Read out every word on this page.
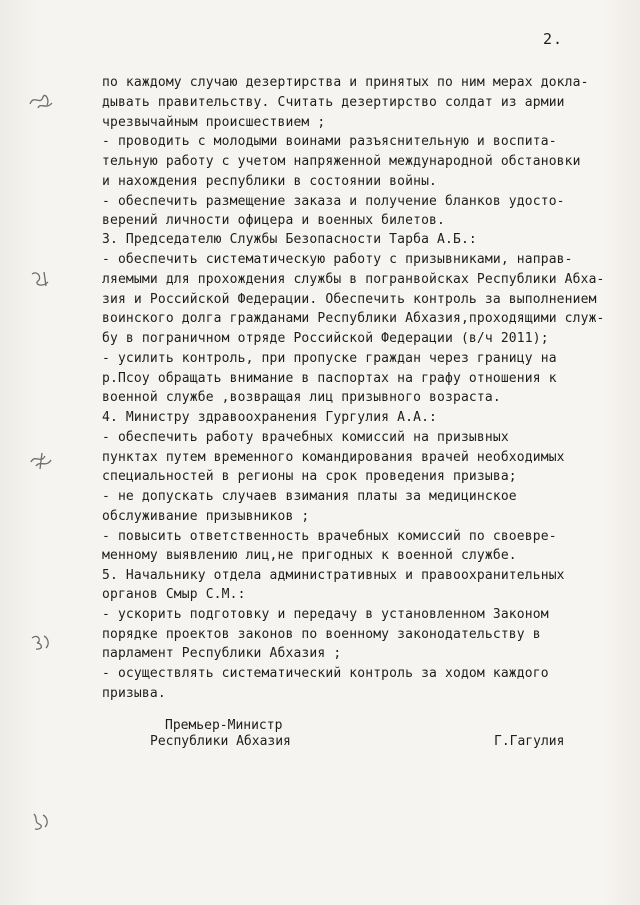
2.
по каждому случаю дезертирства и принятых по ним мерах докла-
дывать правительству. Считать дезертирство солдат из армии
чрезвычайным происшествием ;
- проводить с молодыми воинами разъяснительную и воспита-
тельную работу с учетом напряженной международной обстановки
и нахождения республики в состоянии войны.
- обеспечить размещение заказа и получение бланков удосто-
верений личности офицера и военных билетов.
3. Председателю Службы Безопасности Тарба А.Б.:
- обеспечить систематическую работу с призывниками, направ-
ляемыми для прохождения службы в погранвойсках Республики Абха-
зия и Российской Федерации. Обеспечить контроль за выполнением
воинского долга гражданами Республики Абхазия,проходящими служ-
бу в пограничном отряде Российской Федерации (в/ч 2011);
- усилить контроль, при пропуске граждан через границу на
р.Псоу обращать внимание в паспортах на графу отношения к
военной службе ,возвращая лиц призывного возраста.
4. Министру здравоохранения Гургулия А.А.:
- обеспечить работу врачебных комиссий на призывных
пунктах путем временного командирования врачей необходимых
специальностей в регионы на срок проведения призыва;
- не допускать случаев взимания платы за медицинское
обслуживание призывников ;
- повысить ответственность врачебных комиссий по своевре-
менному выявлению лиц,не пригодных к военной службе.
5. Начальнику отдела административных и правоохранительных
органов Смыр С.М.:
- ускорить подготовку и передачу в установленном Законом
порядке проектов законов по военному законодательству в
парламент Республики Абхазия ;
- осуществлять систематический контроль за ходом каждого
призыва.
Премьер-Министр
Республики Абхазия	Г.Гагулия
